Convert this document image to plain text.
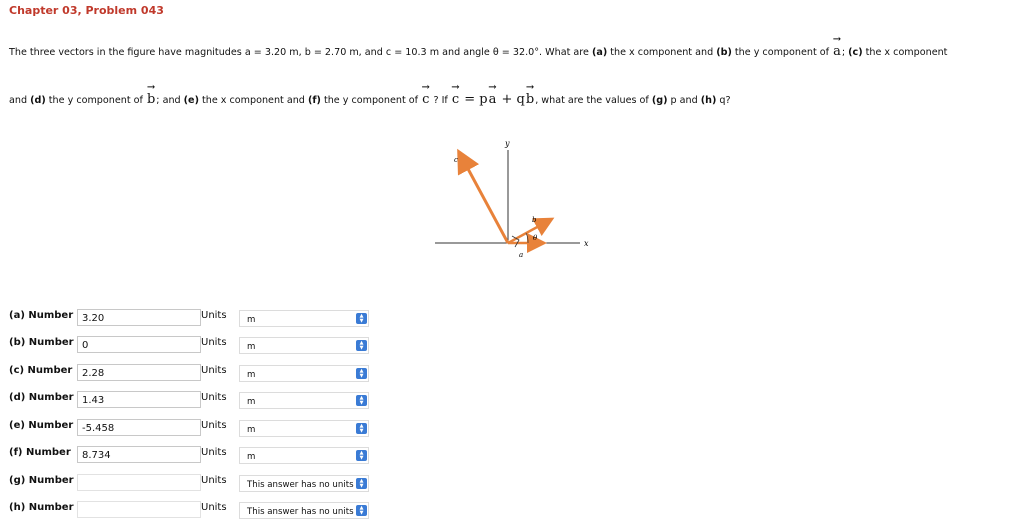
Chapter 03, Problem 043
The three vectors in the figure have magnitudes a = 3.20 m, b = 2.70 m, and c = 10.3 m and angle θ = 32.0°. What are (a) the x component and (b) the y component of → a; (c) the x component
and (d) the y component of → b; and (e) the x component and (f) the y component of → c ? If → c = p→ a + q→ b, what are the values of (g) p and (h) q?
x
y
c
b
a
θ
(a) Number 3.20	Units	m	▲
▼
(b) Number 0	Units	m	▲
▼
(c) Number 2.28	Units	m	▲
▼
(d) Number 1.43	Units	m	▲
▼
(e) Number -5.458	Units	m	▲
▼
(f) Number	8.734	Units	m	▲
▼
(g) Number	Units	This answer has no units	▲
▼
(h) Number	Units	This answer has no units	▲
▼
